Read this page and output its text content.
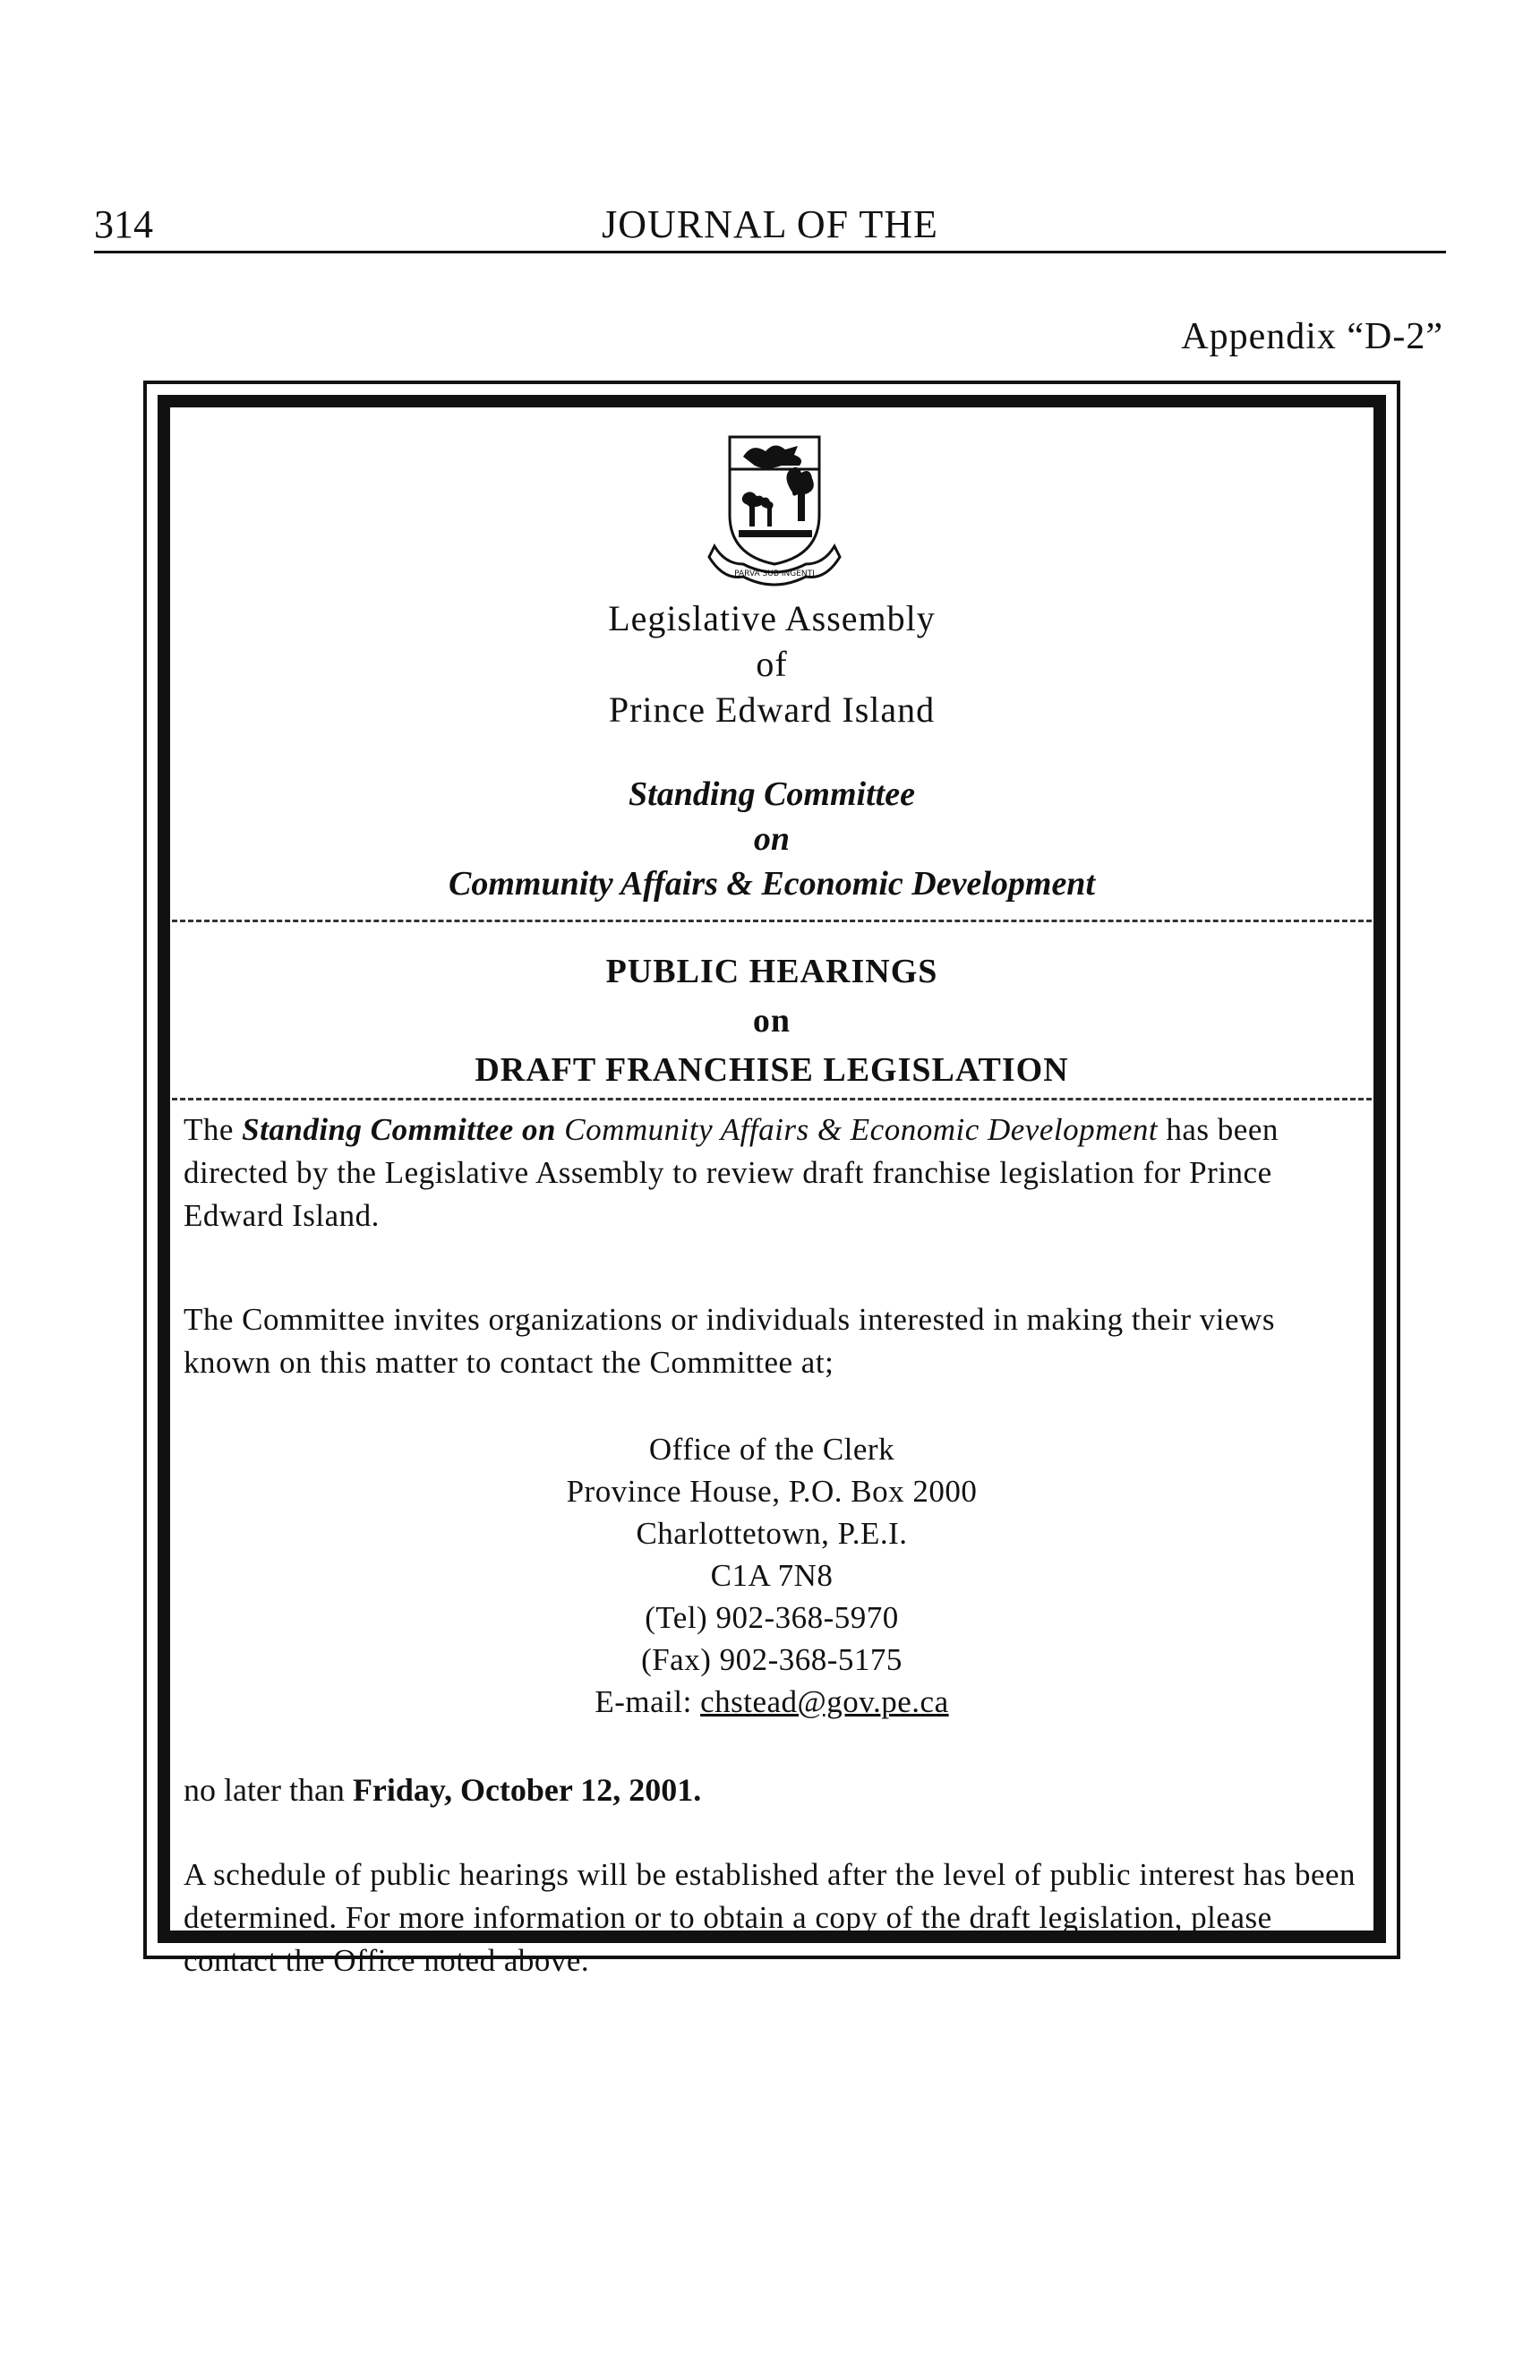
314	JOURNAL OF THE
Appendix “D-2”
PARVA SUB INGENTI
Legislative Assembly
of
Prince Edward Island
Standing Committee
on
Community Affairs & Economic Development
PUBLIC HEARINGS
on
DRAFT FRANCHISE LEGISLATION
The Standing Committee on Community Affairs & Economic Development has been directed by the Legislative Assembly to review draft franchise legislation for Prince Edward Island.
The Committee invites organizations or individuals interested in making their views known on this matter to contact the Committee at;
Office of the Clerk
Province House, P.O. Box 2000
Charlottetown, P.E.I.
C1A 7N8
(Tel) 902-368-5970
(Fax) 902-368-5175
E-mail: chstead@gov.pe.ca
no later than Friday, October 12, 2001.
A schedule of public hearings will be established after the level of public interest has been determined. For more information or to obtain a copy of the draft legislation, please contact the Office noted above.
